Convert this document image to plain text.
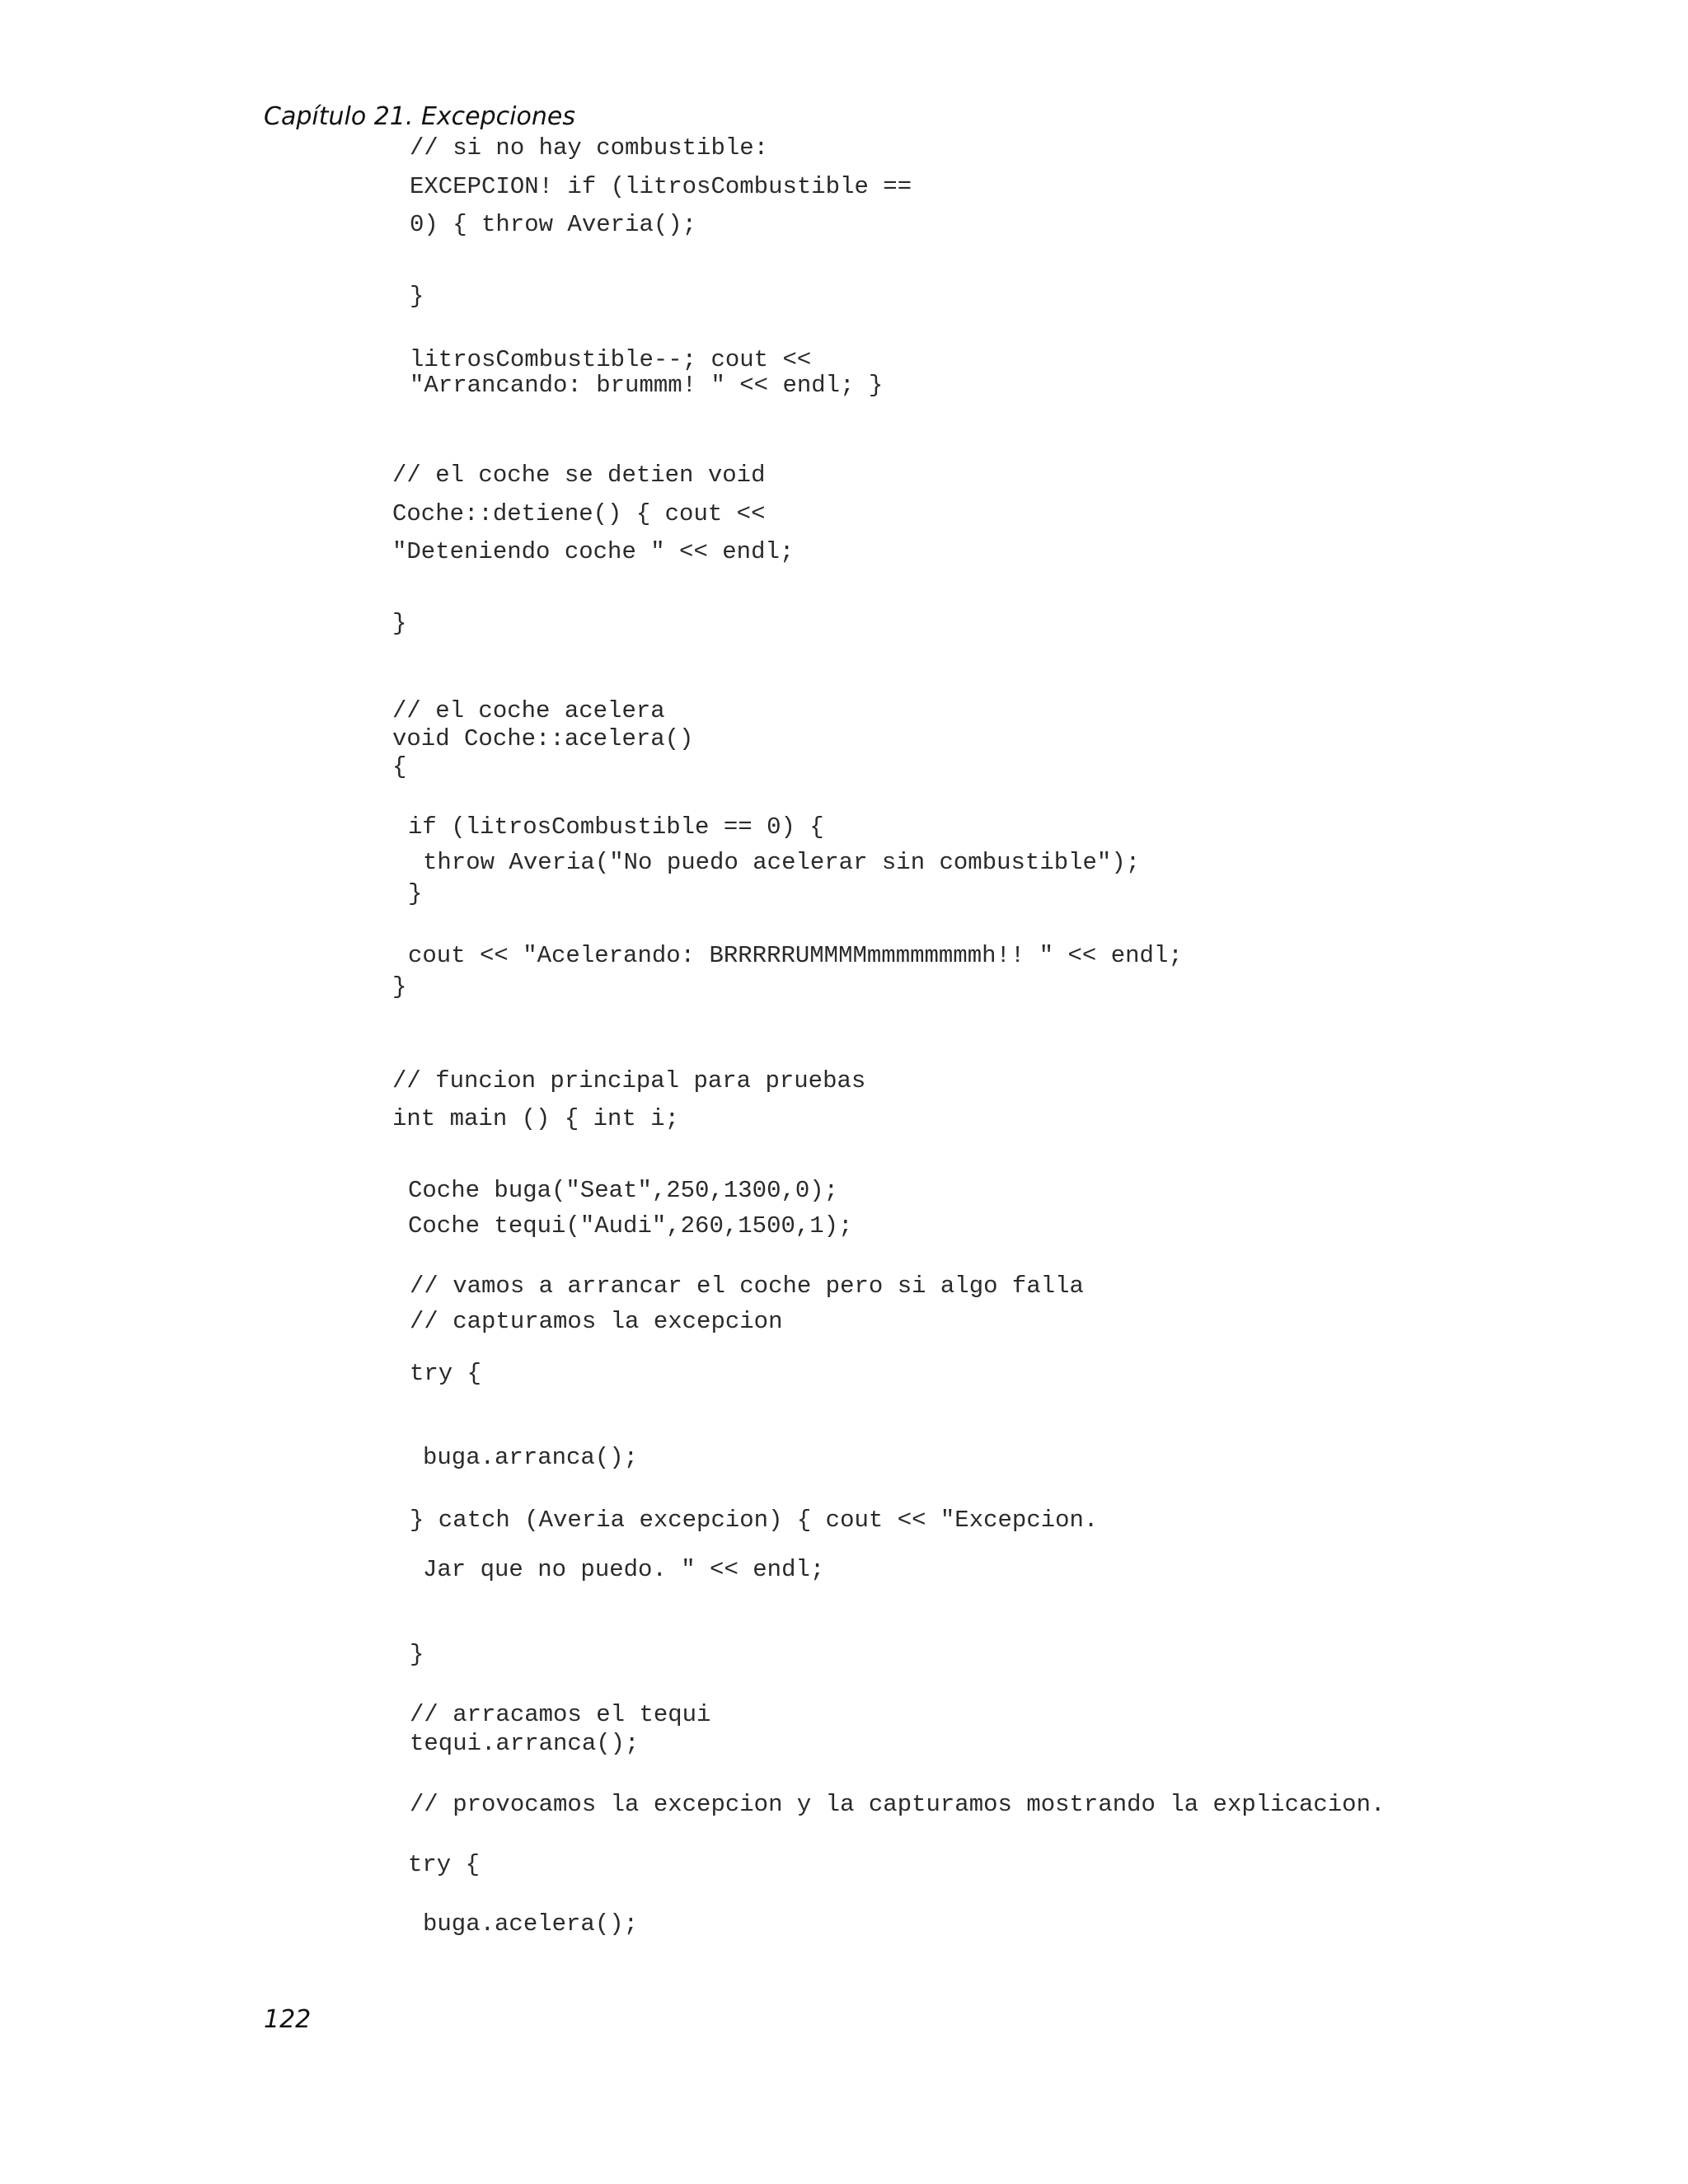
Capítulo 21. Excepciones
// si no hay combustible:
EXCEPCION! if (litrosCombustible ==
0) { throw Averia();
}
litrosCombustible--; cout <<
"Arrancando: brummm! " << endl; }
// el coche se detien void
Coche::detiene() { cout <<
"Deteniendo coche " << endl;
}
// el coche acelera
void Coche::acelera()
{
if (litrosCombustible == 0) {
throw Averia("No puedo acelerar sin combustible");
}
cout << "Acelerando: BRRRRRUMMMMmmmmmmmmh!! " << endl;
}
// funcion principal para pruebas
int main () { int i;
Coche buga("Seat",250,1300,0);
Coche tequi("Audi",260,1500,1);
// vamos a arrancar el coche pero si algo falla
// capturamos la excepcion
try {
buga.arranca();
} catch (Averia excepcion) { cout << "Excepcion.
Jar que no puedo. " << endl;
}
// arracamos el tequi
tequi.arranca();
// provocamos la excepcion y la capturamos mostrando la explicacion.
try {
buga.acelera();
122
